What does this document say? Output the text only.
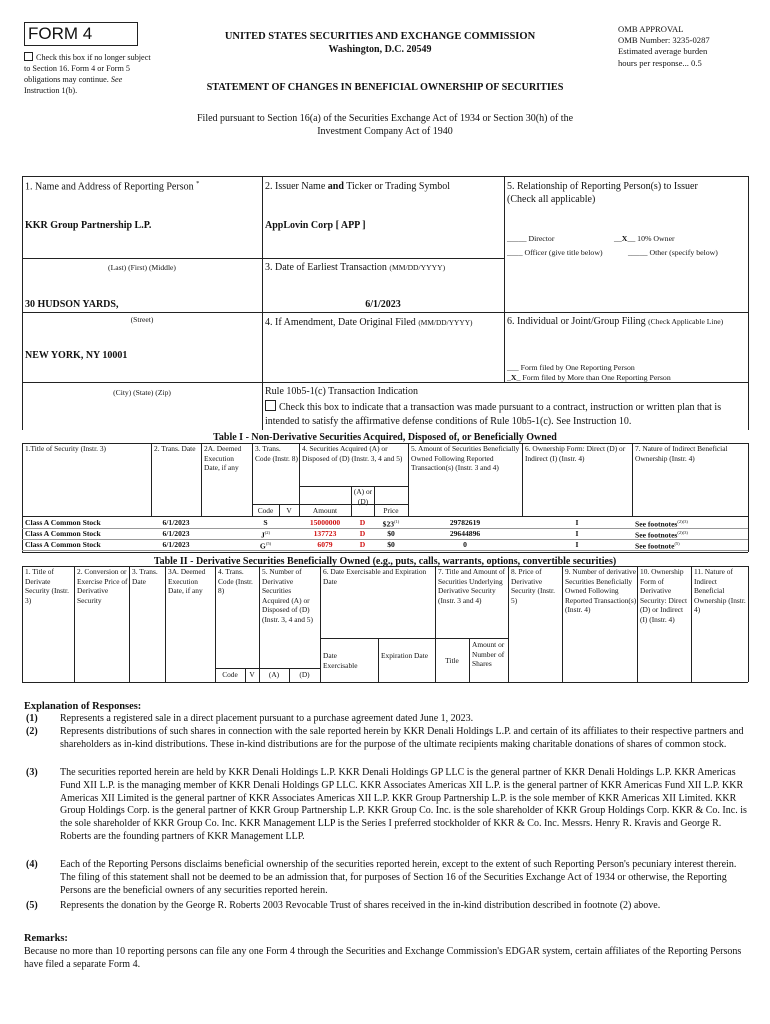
FORM 4
Check this box if no longer subject to Section 16. Form 4 or Form 5 obligations may continue. See Instruction 1(b).
UNITED STATES SECURITIES AND EXCHANGE COMMISSION
Washington, D.C. 20549
STATEMENT OF CHANGES IN BENEFICIAL OWNERSHIP OF SECURITIES
OMB APPROVAL
OMB Number: 3235-0287
Estimated average burden
hours per response... 0.5
Filed pursuant to Section 16(a) of the Securities Exchange Act of 1934 or Section 30(h) of the
Investment Company Act of 1940
1. Name and Address of Reporting Person *
KKR Group Partnership L.P.
(Last) (First) (Middle)
30 HUDSON YARDS,
(Street)
NEW YORK, NY 10001
(City) (State) (Zip)
2. Issuer Name and Ticker or Trading Symbol
AppLovin Corp [ APP ]
3. Date of Earliest Transaction (MM/DD/YYYY)
6/1/2023
4. If Amendment, Date Original Filed (MM/DD/YYYY)
5. Relationship of Reporting Person(s) to Issuer
(Check all applicable)
_____ Director	__X__ 10% Owner
____ Officer (give title below)	_____ Other (specify below)
6. Individual or Joint/Group Filing (Check Applicable Line)
___ Form filed by One Reporting Person
_X_ Form filed by More than One Reporting Person
Rule 10b5-1(c) Transaction Indication
Check this box to indicate that a transaction was made pursuant to a contract, instruction or written plan that is intended to satisfy the affirmative defense conditions of Rule 10b5-1(c). See Instruction 10.
Table I - Non-Derivative Securities Acquired, Disposed of, or Beneficially Owned
1.Title of Security (Instr. 3)	2. Trans. Date	2A. Deemed Execution Date, if any
3. Trans. Code (Instr. 8)
4. Securities Acquired (A) or Disposed of (D) (Instr. 3, 4 and 5)
5. Amount of Securities Beneficially Owned Following Reported Transaction(s) (Instr. 3 and 4)
6. Ownership Form: Direct (D) or Indirect (I) (Instr. 4)
7. Nature of Indirect Beneficial Ownership (Instr. 4)
Code	V	Amount
(A) or (D)
Price
Class A Common Stock	6/1/2023	S	15000000	D	$23$^{(1)}$	29782619	I	See footnotes$^{(2)(3)}$
Class A Common Stock	6/1/2023	$J^{(2)}$	137723	D	$0	29644896	I	See footnotes$^{(2)(3)}$
Class A Common Stock	6/1/2023	$G^{(5)}$	6079	D	$0	0	I	See footnote$^{(5)}$
Table II - Derivative Securities Beneficially Owned (e.g., puts, calls, warrants, options, convertible securities)
1. Title of Derivate Security (Instr. 3)
2. Conversion or Exercise Price of Derivative Security
3. Trans. Date
3A. Deemed Execution Date, if any
4. Trans. Code (Instr. 8)
5. Number of Derivative Securities Acquired (A) or Disposed of (D) (Instr. 3, 4 and 5)
6. Date Exercisable and Expiration Date
7. Title and Amount of Securities Underlying Derivative Security (Instr. 3 and 4)
8. Price of Derivative Security (Instr. 5)
9. Number of derivative Securities Beneficially Owned Following Reported Transaction(s) (Instr. 4)
10. Ownership Form of Derivative Security: Direct (D) or Indirect (I) (Instr. 4)
11. Nature of Indirect Beneficial Ownership (Instr. 4)
Code	V	(A)	(D)
Date Exercisable
Expiration Date
Title
Amount or Number of Shares
Explanation of Responses:
(1) Represents a registered sale in a direct placement pursuant to a purchase agreement dated June 1, 2023.
(2) Represents distributions of such shares in connection with the sale reported herein by KKR Denali Holdings L.P. and certain of its affiliates to their respective partners and shareholders as in-kind distributions. These in-kind distributions are for the purpose of the ultimate recipients making charitable donations of shares of common stock.
(3) The securities reported herein are held by KKR Denali Holdings L.P. KKR Denali Holdings GP LLC is the general partner of KKR Denali Holdings L.P. KKR Americas Fund XII L.P. is the managing member of KKR Denali Holdings GP LLC. KKR Associates Americas XII L.P. is the general partner of KKR Americas Fund XII L.P. KKR Americas XII Limited is the general partner of KKR Associates Americas XII L.P. KKR Group Partnership L.P. is the sole member of KKR Americas XII Limited. KKR Group Holdings Corp. is the general partner of KKR Group Partnership L.P. KKR Group Co. Inc. is the sole shareholder of KKR Group Holdings Corp. KKR & Co. Inc. is the sole shareholder of KKR Group Co. Inc. KKR Management LLP is the Series I preferred stockholder of KKR & Co. Inc. Messrs. Henry R. Kravis and George R. Roberts are the founding partners of KKR Management LLP.
(4) Each of the Reporting Persons disclaims beneficial ownership of the securities reported herein, except to the extent of such Reporting Person's pecuniary interest therein. The filing of this statement shall not be deemed to be an admission that, for purposes of Section 16 of the Securities Exchange Act of 1934 or otherwise, the Reporting Persons are the beneficial owners of any securities reported herein.
(5) Represents the donation by the George R. Roberts 2003 Revocable Trust of shares received in the in-kind distribution described in footnote (2) above.
Remarks:
Because no more than 10 reporting persons can file any one Form 4 through the Securities and Exchange Commission's EDGAR system, certain affiliates of the Reporting Persons have filed a separate Form 4.
